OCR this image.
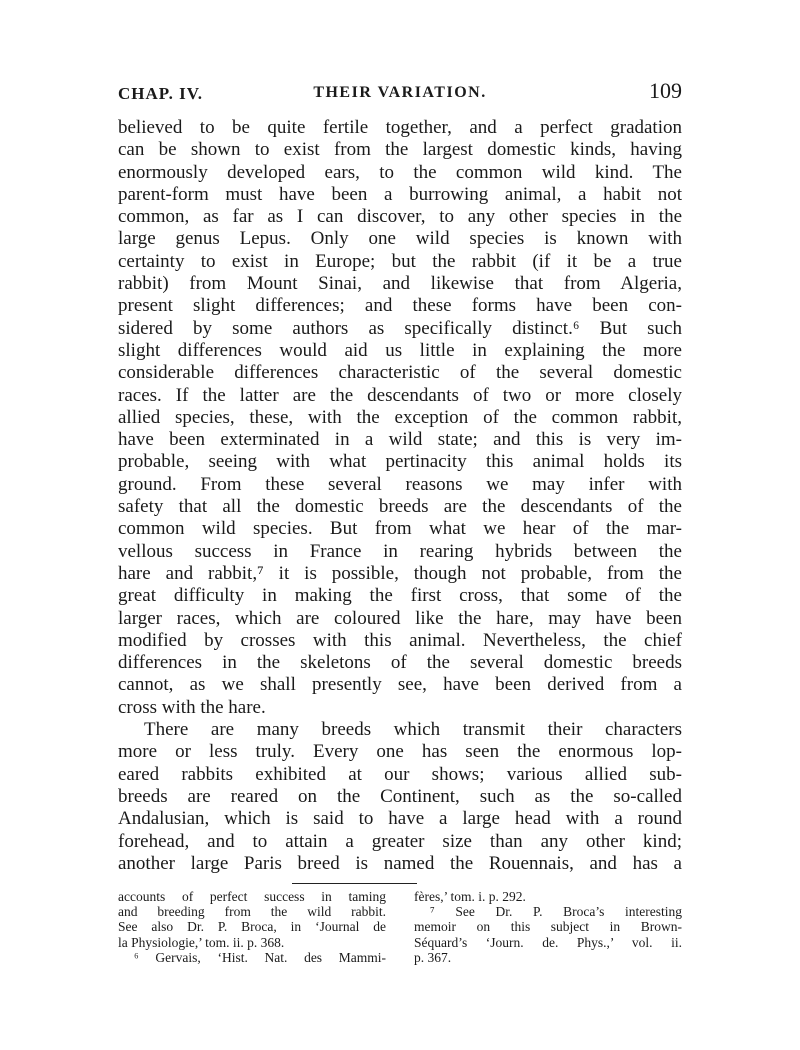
CHAP. IV.	THEIR VARIATION.	109
believed to be quite fertile together, and a perfect gradation
can be shown to exist from the largest domestic kinds, having
enormously developed ears, to the common wild kind. The
parent-form must have been a burrowing animal, a habit not
common, as far as I can discover, to any other species in the
large genus Lepus. Only one wild species is known with
certainty to exist in Europe; but the rabbit (if it be a true
rabbit) from Mount Sinai, and likewise that from Algeria,
present slight differences; and these forms have been con-
sidered by some authors as specifically distinct.⁶ But such
slight differences would aid us little in explaining the more
considerable differences characteristic of the several domestic
races. If the latter are the descendants of two or more closely
allied species, these, with the exception of the common rabbit,
have been exterminated in a wild state; and this is very im-
probable, seeing with what pertinacity this animal holds its
ground. From these several reasons we may infer with
safety that all the domestic breeds are the descendants of the
common wild species. But from what we hear of the mar-
vellous success in France in rearing hybrids between the
hare and rabbit,⁷ it is possible, though not probable, from the
great difficulty in making the first cross, that some of the
larger races, which are coloured like the hare, may have been
modified by crosses with this animal. Nevertheless, the chief
differences in the skeletons of the several domestic breeds
cannot, as we shall presently see, have been derived from a
cross with the hare.
There are many breeds which transmit their characters
more or less truly. Every one has seen the enormous lop-
eared rabbits exhibited at our shows; various allied sub-
breeds are reared on the Continent, such as the so-called
Andalusian, which is said to have a large head with a round
forehead, and to attain a greater size than any other kind;
another large Paris breed is named the Rouennais, and has a
accounts of perfect success in taming
and breeding from the wild rabbit.
See also Dr. P. Broca, in ‘Journal de
la Physiologie,’ tom. ii. p. 368.
⁶ Gervais, ‘Hist. Nat. des Mammi-
fères,’ tom. i. p. 292.
⁷ See Dr. P. Broca’s interesting
memoir on this subject in Brown-
Séquard’s ‘Journ. de. Phys.,’ vol. ii.
p. 367.
